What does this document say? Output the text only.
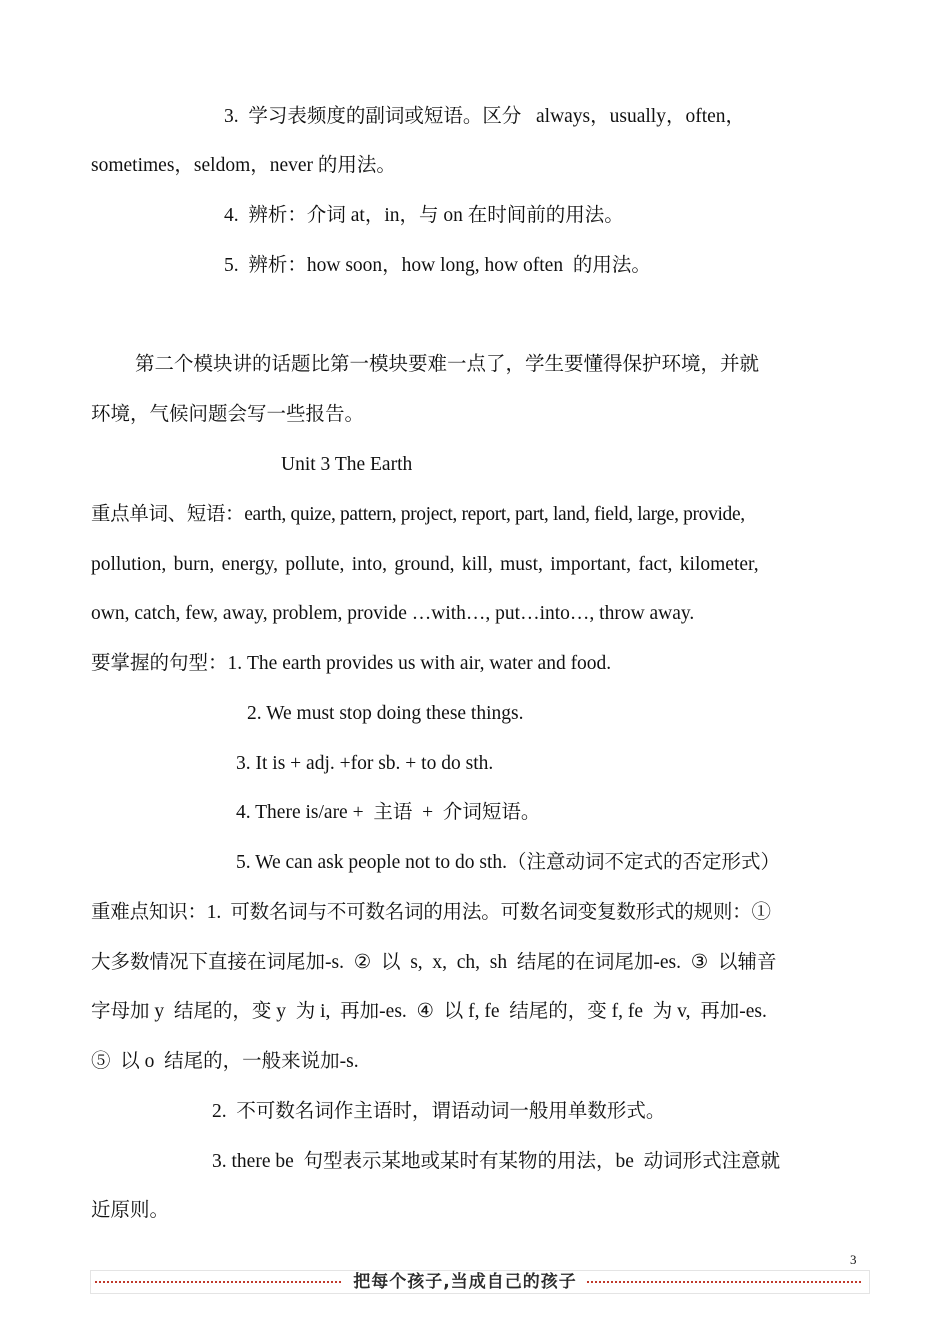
3.  学习表频度的副词或短语。区分   always，usually，often，
sometimes，seldom，never 的用法。
4.  辨析：介词 at，in，与 on 在时间前的用法。
5.  辨析：how soon，how long, how often  的用法。
第二个模块讲的话题比第一模块要难一点了，学生要懂得保护环境，并就
环境，气候问题会写一些报告。
Unit 3 The Earth
重点单词、短语：earth, quize, pattern, project, report, part, land, field, large, provide,
pollution, burn, energy, pollute, into, ground, kill, must, important, fact, kilometer,
own, catch, few, away, problem, provide …with…, put…into…, throw away.
要掌握的句型：1. The earth provides us with air, water and food.
2. We must stop doing these things.
3. It is + adj. +for sb. + to do sth.
4. There is/are +  主语  +  介词短语。
5. We can ask people not to do sth.（注意动词不定式的否定形式）
重难点知识：1.  可数名词与不可数名词的用法。可数名词变复数形式的规则：①
大多数情况下直接在词尾加-s.  ②  以  s,  x,  ch,  sh  结尾的在词尾加-es.  ③  以辅音
字母加 y  结尾的，变 y  为 i,  再加-es.  ④  以 f, fe  结尾的，变 f, fe  为 v,  再加-es.
⑤  以 o  结尾的，一般来说加-s.
2.  不可数名词作主语时，谓语动词一般用单数形式。
3. there be  句型表示某地或某时有某物的用法，be  动词形式注意就
近原则。
3
把每个孩子,当成自己的孩子
